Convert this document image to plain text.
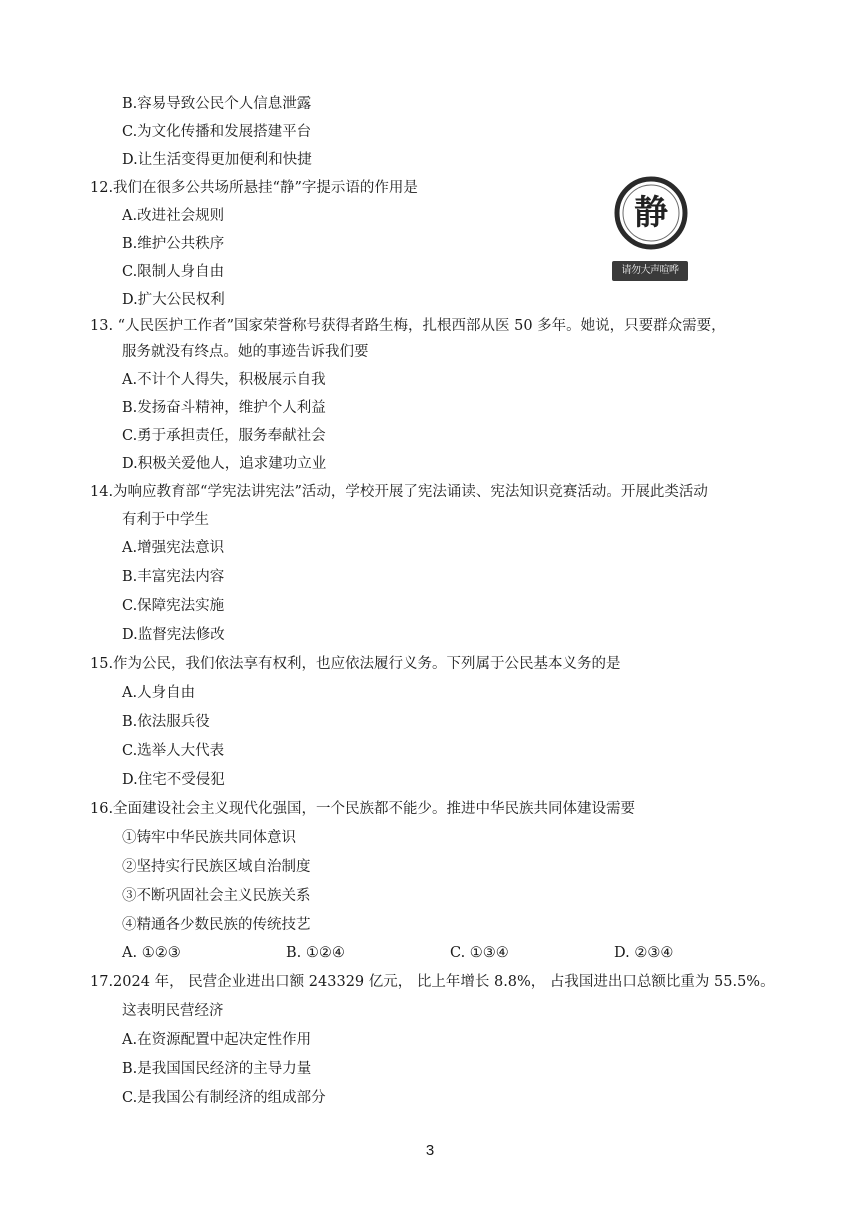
B.容易导致公民个人信息泄露
C.为文化传播和发展搭建平台
D.让生活变得更加便利和快捷
12.我们在很多公共场所悬挂“静”字提示语的作用是
A.改进社会规则
B.维护公共秩序
C.限制人身自由
D.扩大公民权利
静
请勿大声喧哗
13. “人民医护工作者”国家荣誉称号获得者路生梅，扎根西部从医 50 多年。她说，只要群众需要，
服务就没有终点。她的事迹告诉我们要
A.不计个人得失，积极展示自我
B.发扬奋斗精神，维护个人利益
C.勇于承担责任，服务奉献社会
D.积极关爱他人，追求建功立业
14.为响应教育部“学宪法讲宪法”活动，学校开展了宪法诵读、宪法知识竞赛活动。开展此类活动
有利于中学生
A.增强宪法意识
B.丰富宪法内容
C.保障宪法实施
D.监督宪法修改
15.作为公民，我们依法享有权利，也应依法履行义务。下列属于公民基本义务的是
A.人身自由
B.依法服兵役
C.选举人大代表
D.住宅不受侵犯
16.全面建设社会主义现代化强国，一个民族都不能少。推进中华民族共同体建设需要
①铸牢中华民族共同体意识
②坚持实行民族区域自治制度
③不断巩固社会主义民族关系
④精通各少数民族的传统技艺
A. ①②③	B. ①②④	C. ①③④	D. ②③④
17.2024 年， 民营企业进出口额 243329 亿元， 比上年增长 8.8%， 占我国进出口总额比重为 55.5%。
这表明民营经济
A.在资源配置中起决定性作用
B.是我国国民经济的主导力量
C.是我国公有制经济的组成部分
3
